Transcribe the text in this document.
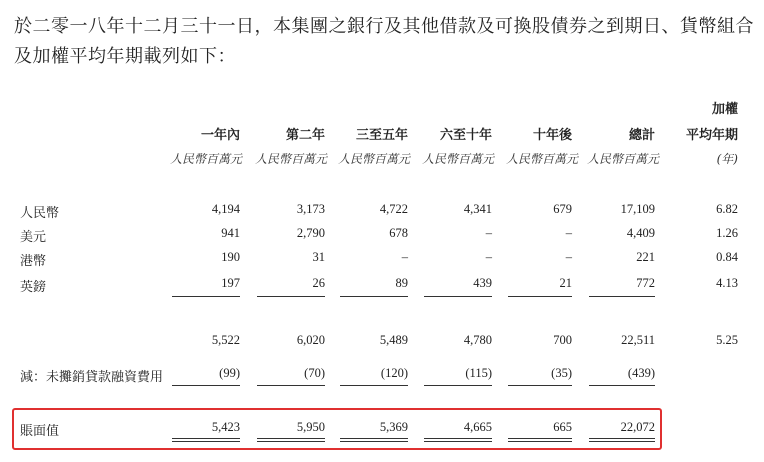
於二零一八年十二月三十一日，本集團之銀行及其他借款及可換股債券之到期日、貨幣組合及加權平均年期載列如下：
加權
一年內	第二年	三至五年	六至十年	十年後	總計	平均年期
人民幣百萬元 人民幣百萬元 人民幣百萬元 人民幣百萬元 人民幣百萬元 人民幣百萬元	(年)
人民幣	4,194	3,173	4,722	4,341	679	17,109	6.82
美元	941	2,790	678	–	–	4,409	1.26
港幣	190	31	–	–	–	221	0.84
英鎊	197	26	89	439	21	772	4.13
5,522	6,020	5,489	4,780	700	22,511	5.25
減：未攤銷貸款融資費用	(99)	(70)	(120)	(115)	(35)	(439)
賬面值	5,423	5,950	5,369	4,665	665	22,072
